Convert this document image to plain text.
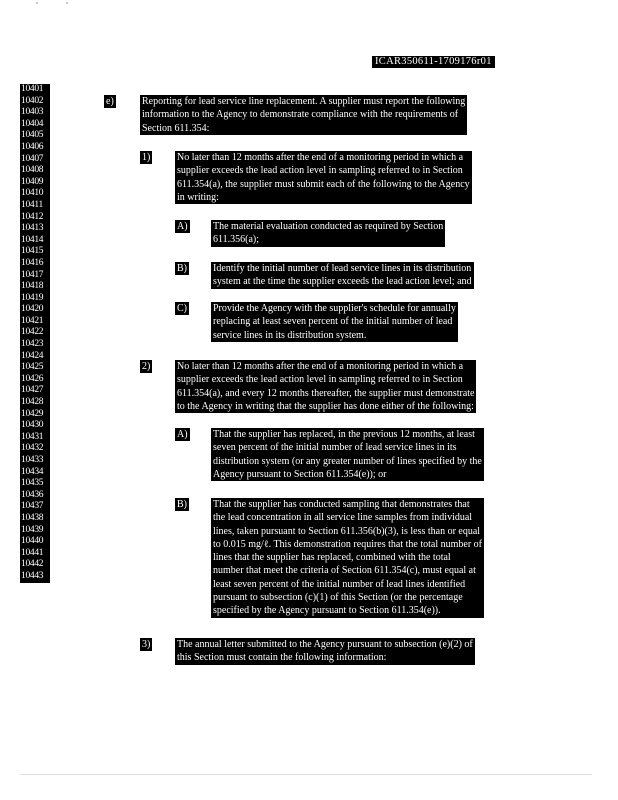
ICAR350611-1709176r01
10401
10402
10403
10404
10405
10406
10407
10408
10409
10410
10411
10412
10413
10414
10415
10416
10417
10418
10419
10420
10421
10422
10423
10424
10425
10426
10427
10428
10429
10430
10431
10432
10433
10434
10435
10436
10437
10438
10439
10440
10441
10442
10443
e)	Reporting for lead service line replacement. A supplier must report the following
information to the Agency to demonstrate compliance with the requirements of
Section 611.354:
1)	No later than 12 months after the end of a monitoring period in which a
supplier exceeds the lead action level in sampling referred to in Section
611.354(a), the supplier must submit each of the following to the Agency
in writing:
A)	The material evaluation conducted as required by Section
611.356(a);
B)	Identify the initial number of lead service lines in its distribution
system at the time the supplier exceeds the lead action level; and
C)	Provide the Agency with the supplier's schedule for annually
replacing at least seven percent of the initial number of lead
service lines in its distribution system.
2)	No later than 12 months after the end of a monitoring period in which a
supplier exceeds the lead action level in sampling referred to in Section
611.354(a), and every 12 months thereafter, the supplier must demonstrate
to the Agency in writing that the supplier has done either of the following:
A)	That the supplier has replaced, in the previous 12 months, at least
seven percent of the initial number of lead service lines in its
distribution system (or any greater number of lines specified by the
Agency pursuant to Section 611.354(e)); or
B)	That the supplier has conducted sampling that demonstrates that
the lead concentration in all service line samples from individual
lines, taken pursuant to Section 611.356(b)(3), is less than or equal
to 0.015 mg/ℓ. This demonstration requires that the total number of
lines that the supplier has replaced, combined with the total
number that meet the criteria of Section 611.354(c), must equal at
least seven percent of the initial number of lead lines identified
pursuant to subsection (c)(1) of this Section (or the percentage
specified by the Agency pursuant to Section 611.354(e)).
3)	The annual letter submitted to the Agency pursuant to subsection (e)(2) of
this Section must contain the following information:
